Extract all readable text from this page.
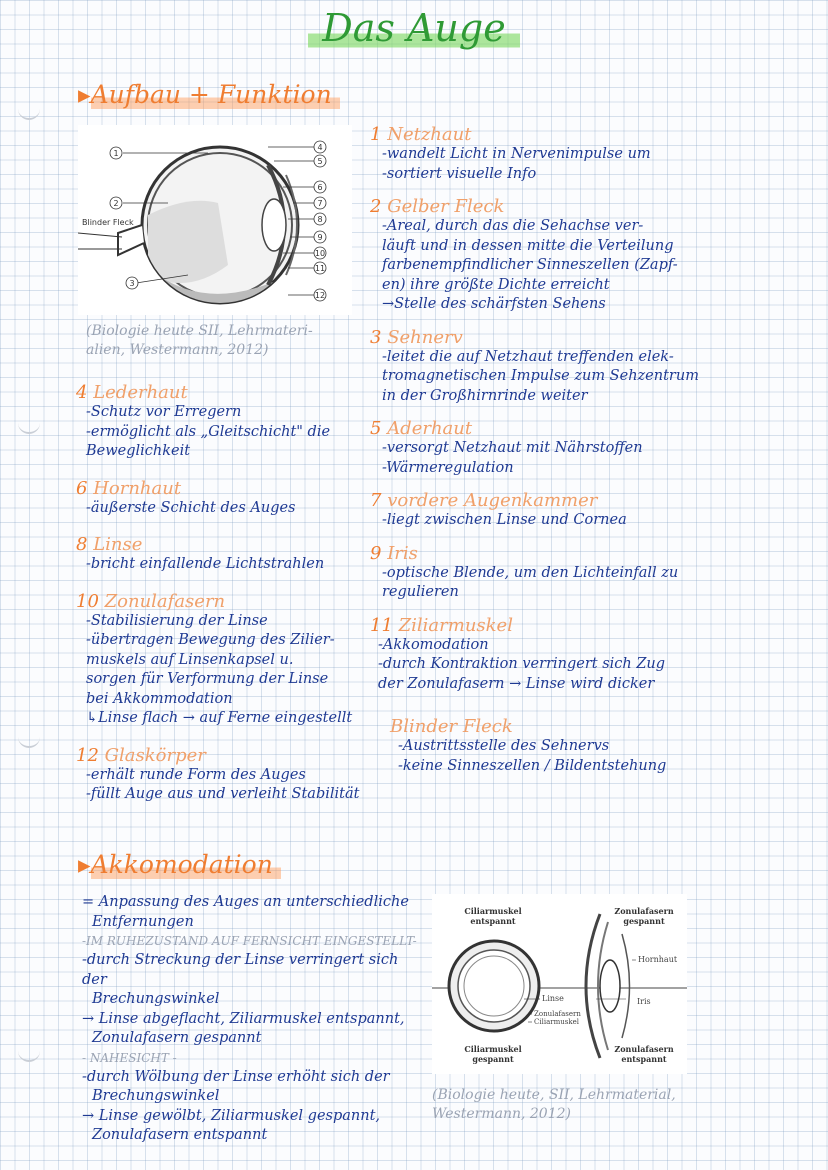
Das Auge
▸Aufbau + Funktion
1
2
3
4
5
6
7
8
9
10
11
12
Blinder Fleck
(Biologie heute SII, Lehrmateri-
alien, Westermann, 2012)
4 Lederhaut
-Schutz vor Erregern
-ermöglicht als „Gleitschicht" die
Beweglichkeit
6 Hornhaut
-äußerste Schicht des Auges
8 Linse
-bricht einfallende Lichtstrahlen
10 Zonulafasern
-Stabilisierung der Linse
-übertragen Bewegung des Zilier-
muskels auf Linsenkapsel u.
sorgen für Verformung der Linse
bei Akkommodation
↳Linse flach → auf Ferne eingestellt
12 Glaskörper
-erhält runde Form des Auges
-füllt Auge aus und verleiht Stabilität
1 Netzhaut
-wandelt Licht in Nervenimpulse um
-sortiert visuelle Info
2 Gelber Fleck
-Areal, durch das die Sehachse ver-
läuft und in dessen mitte die Verteilung
farbenempfindlicher Sinneszellen (Zapf-
en) ihre größte Dichte erreicht
→Stelle des schärfsten Sehens
3 Sehnerv
-leitet die auf Netzhaut treffenden elek-
tromagnetischen Impulse zum Sehzentrum
in der Großhirnrinde weiter
5 Aderhaut
-versorgt Netzhaut mit Nährstoffen
-Wärmeregulation
7 vordere Augenkammer
-liegt zwischen Linse und Cornea
9 Iris
-optische Blende, um den Lichteinfall zu
regulieren
11 Ziliarmuskel
-Akkomodation
-durch Kontraktion verringert sich Zug
der Zonulafasern → Linse wird dicker
Blinder Fleck
-Austrittsstelle des Sehnervs
-keine Sinneszellen / Bildentstehung
▸Akkomodation
= Anpassung des Auges an unterschiedliche
Entfernungen
-IM RUHEZUSTAND AUF FERNSICHT EINGESTELLT-
-durch Streckung der Linse verringert sich der
Brechungswinkel
→ Linse abgeflacht, Ziliarmuskel entspannt,
Zonulafasern gespannt
- NAHESICHT -
-durch Wölbung der Linse erhöht sich der
Brechungswinkel
→ Linse gewölbt, Ziliarmuskel gespannt,
Zonulafasern entspannt
Ciliarmuskel
entspannt
Zonulafasern
gespannt
Ciliarmuskel
gespannt
Zonulafasern
entspannt
Hornhaut
Linse	Iris
Zonulafasern
Ciliarmuskel
(Biologie heute, SII, Lehrmaterial,
Westermann, 2012)
